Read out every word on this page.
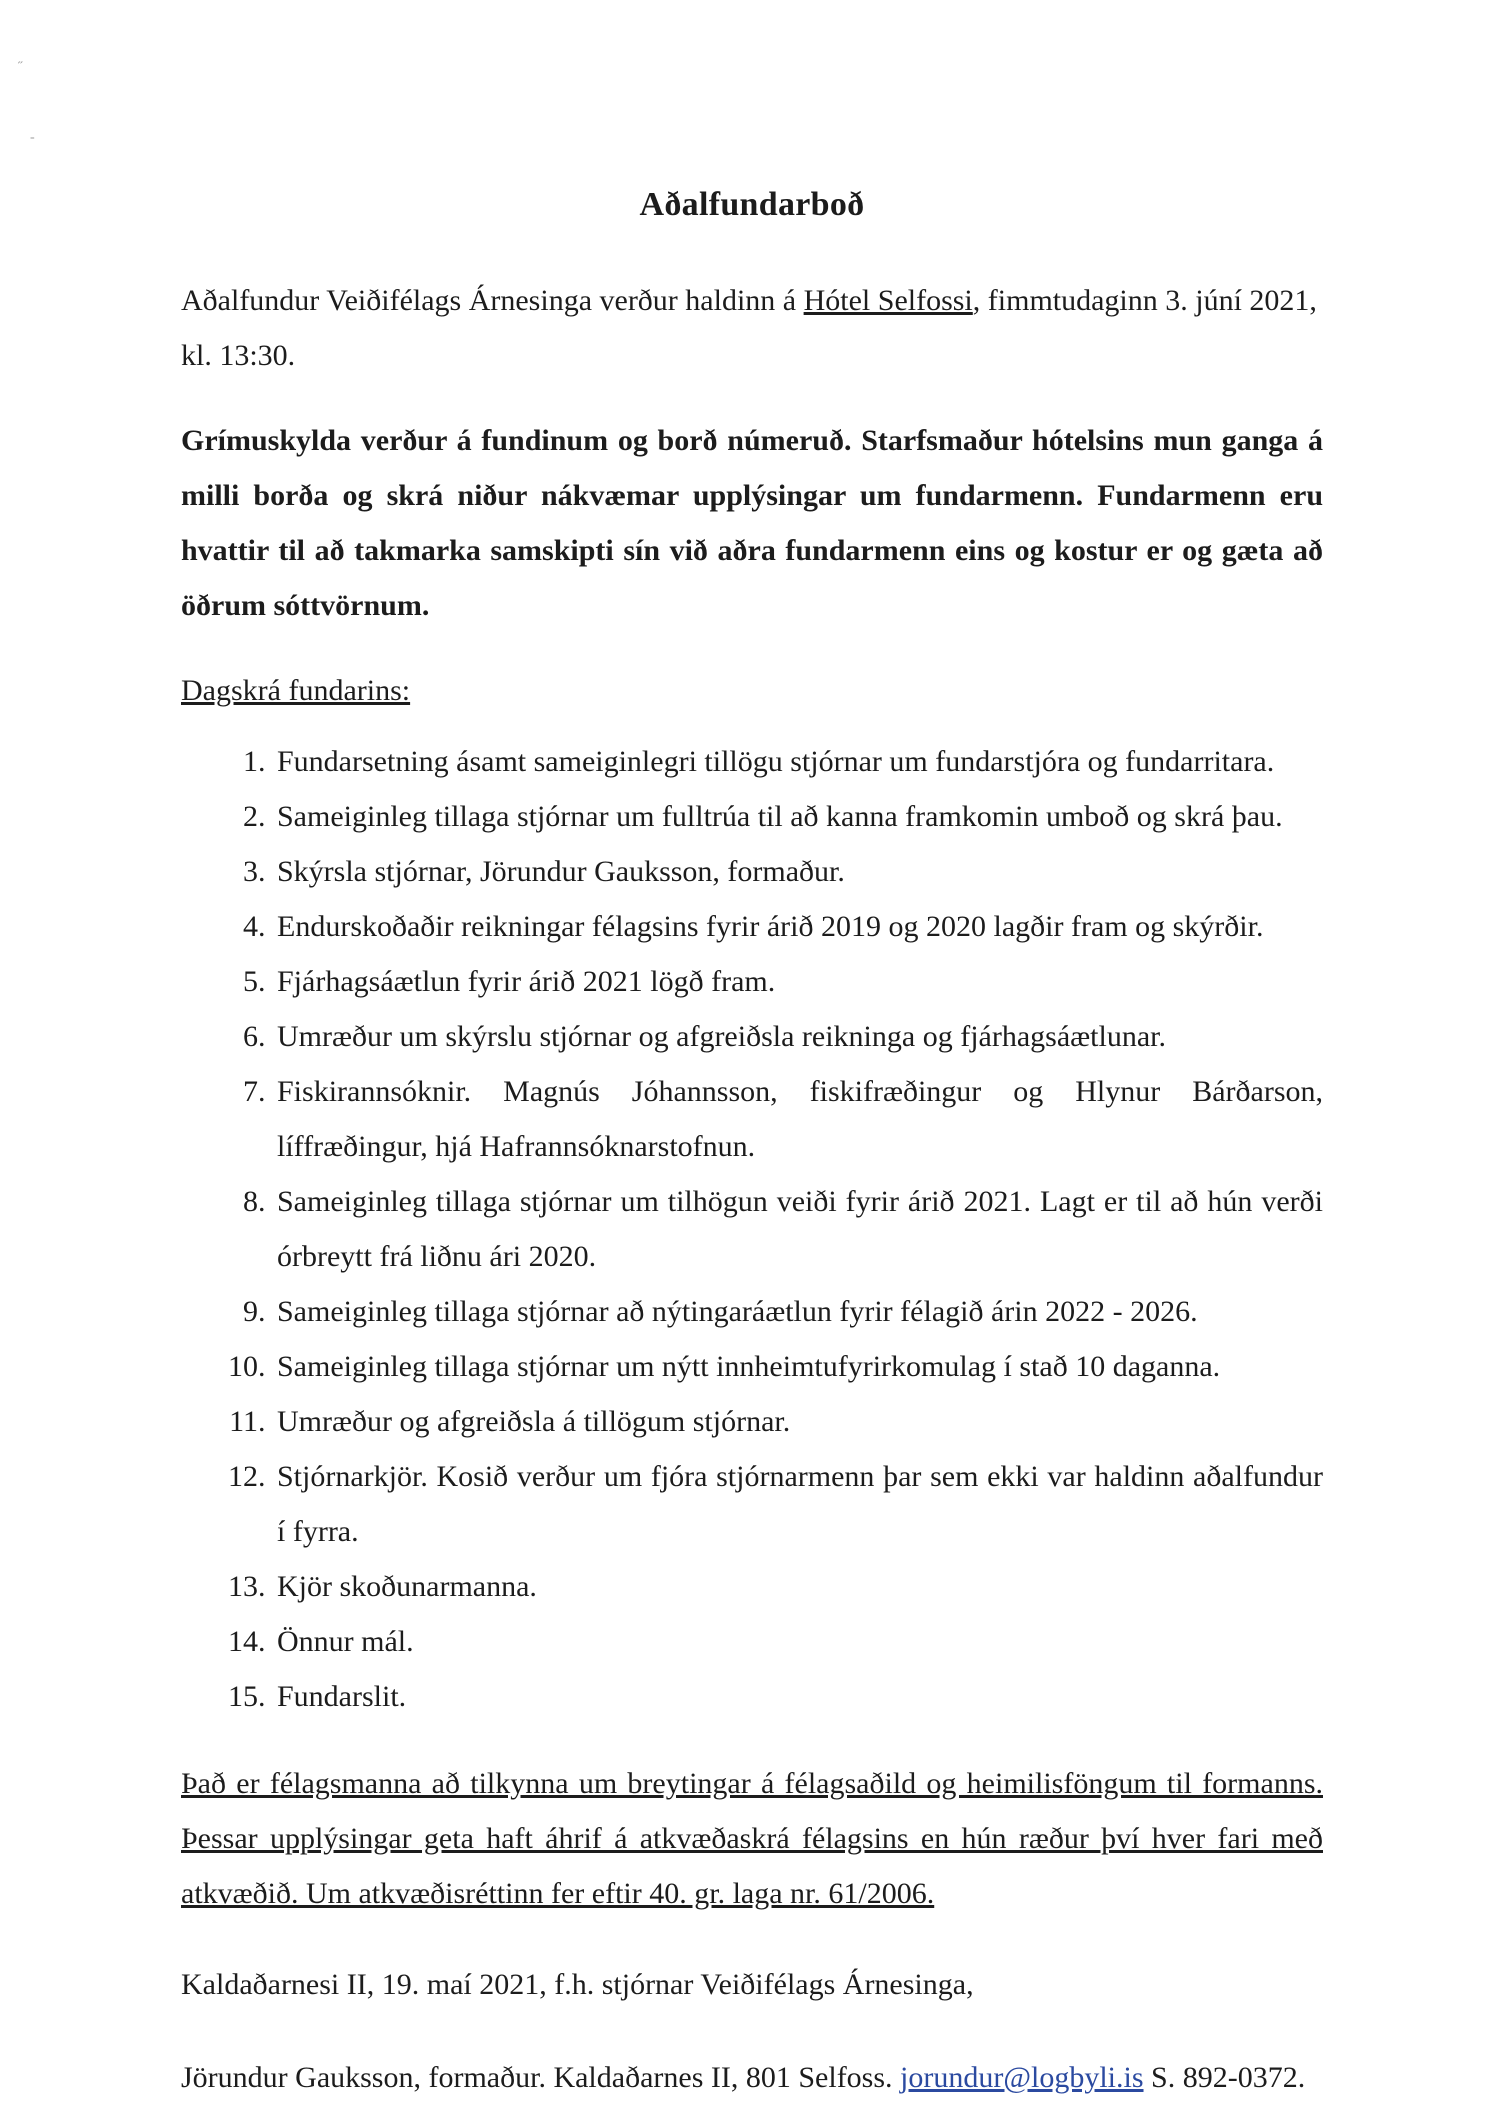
˶
‑
Aðalfundarboð

Aðalfundur Veiðifélags Árnesinga verður haldinn á Hótel Selfossi, fimmtudaginn 3. júní 2021, kl. 13:30.

Grímuskylda verður á fundinum og borð númeruð. Starfsmaður hótelsins mun ganga á milli borða og skrá niður nákvæmar upplýsingar um fundarmenn. Fundarmenn eru hvattir til að takmarka samskipti sín við aðra fundarmenn eins og kostur er og gæta að öðrum sóttvörnum.

Dagskrá fundarins:

1. Fundarsetning ásamt sameiginlegri tillögu stjórnar um fundarstjóra og fundarritara.
2. Sameiginleg tillaga stjórnar um fulltrúa til að kanna framkomin umboð og skrá þau.
3. Skýrsla stjórnar, Jörundur Gauksson, formaður.
4. Endurskoðaðir reikningar félagsins fyrir árið 2019 og 2020 lagðir fram og skýrðir.
5. Fjárhagsáætlun fyrir árið 2021 lögð fram.
6. Umræður um skýrslu stjórnar og afgreiðsla reikninga og fjárhagsáætlunar.
7. Fiskirannsóknir. Magnús Jóhannsson, fiskifræðingur og Hlynur Bárðarson, líffræðingur, hjá Hafrannsóknarstofnun.
8. Sameiginleg tillaga stjórnar um tilhögun veiði fyrir árið 2021. Lagt er til að hún verði órbreytt frá liðnu ári 2020.
9. Sameiginleg tillaga stjórnar að nýtingaráætlun fyrir félagið árin 2022 - 2026.
10. Sameiginleg tillaga stjórnar um nýtt innheimtufyrirkomulag í stað 10 daganna.
11. Umræður og afgreiðsla á tillögum stjórnar.
12. Stjórnarkjör. Kosið verður um fjóra stjórnarmenn þar sem ekki var haldinn aðalfundur í fyrra.
13. Kjör skoðunarmanna.
14. Önnur mál.
15. Fundarslit.

Það er félagsmanna að tilkynna um breytingar á félagsaðild og heimilisföngum til formanns. Þessar upplýsingar geta haft áhrif á atkvæðaskrá félagsins en hún ræður því hver fari með atkvæðið. Um atkvæðisréttinn fer eftir 40. gr. laga nr. 61/2006.

Kaldaðarnesi II, 19. maí 2021, f.h. stjórnar Veiðifélags Árnesinga,

Jörundur Gauksson, formaður. Kaldaðarnes II, 801 Selfoss. jorundur@logbyli.is S. 892-0372.
